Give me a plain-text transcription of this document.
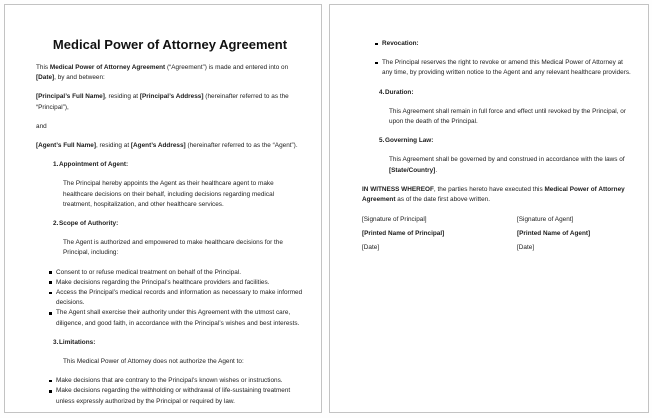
Medical Power of Attorney Agreement

This Medical Power of Attorney Agreement (“Agreement”) is made and entered into on [Date], by and between:

[Principal’s Full Name], residing at [Principal’s Address] (hereinafter referred to as the “Principal”),

and

[Agent’s Full Name], residing at [Agent’s Address] (hereinafter referred to as the “Agent”).

1. Appointment of Agent:

The Principal hereby appoints the Agent as their healthcare agent to make healthcare decisions on their behalf, including decisions regarding medical treatment, hospitalization, and other healthcare services.

2. Scope of Authority:

The Agent is authorized and empowered to make healthcare decisions for the Principal, including:

Consent to or refuse medical treatment on behalf of the Principal.
Make decisions regarding the Principal’s healthcare providers and facilities.
Access the Principal’s medical records and information as necessary to make informed decisions.
The Agent shall exercise their authority under this Agreement with the utmost care, diligence, and good faith, in accordance with the Principal’s wishes and best interests.
3. Limitations:

This Medical Power of Attorney does not authorize the Agent to:

Make decisions that are contrary to the Principal’s known wishes or instructions.
Make decisions regarding the withholding or withdrawal of life-sustaining treatment unless expressly authorized by the Principal or required by law.
Revocation:
The Principal reserves the right to revoke or amend this Medical Power of Attorney at any time, by providing written notice to the Agent and any relevant healthcare providers.
4. Duration:

This Agreement shall remain in full force and effect until revoked by the Principal, or upon the death of the Principal.

5. Governing Law:

This Agreement shall be governed by and construed in accordance with the laws of [State/Country].

IN WITNESS WHEREOF, the parties hereto have executed this Medical Power of Attorney Agreement as of the date first above written.

[Signature of Principal]	[Signature of Agent]
[Printed Name of Principal]	[Printed Name of Agent]
[Date]	[Date]
